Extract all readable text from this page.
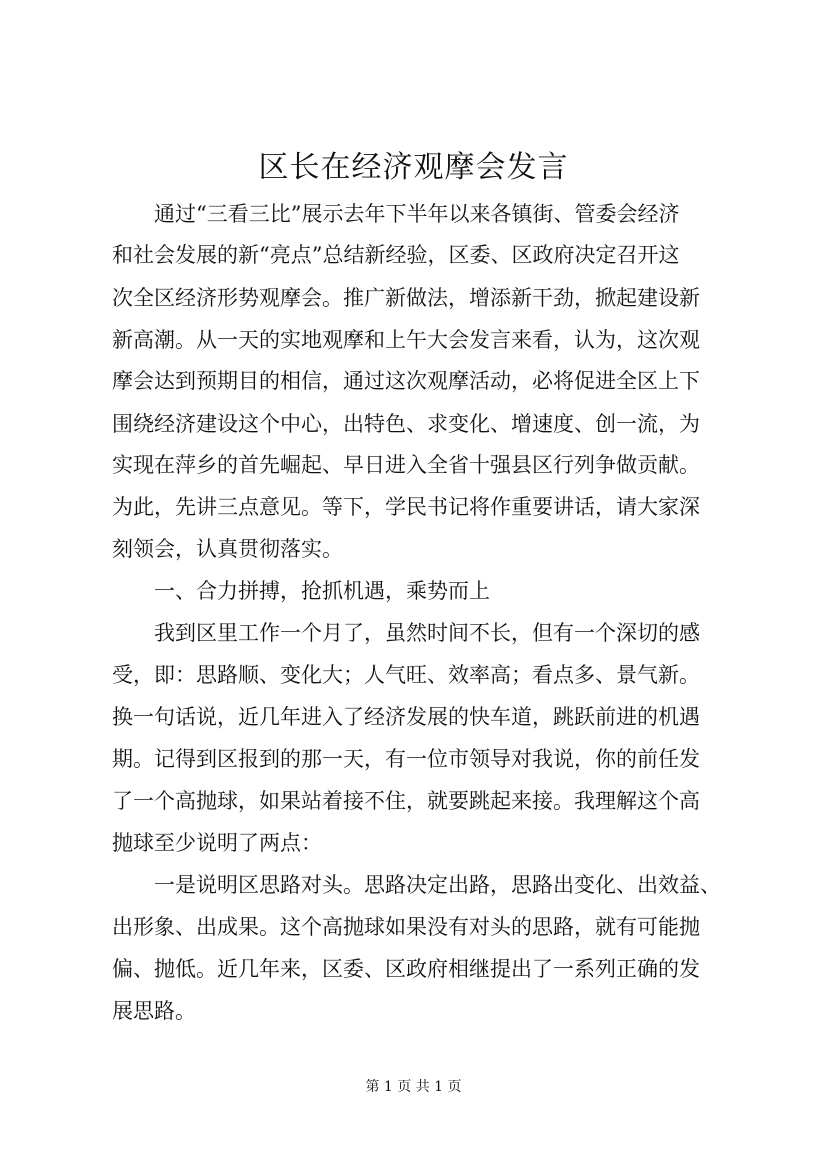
区长在经济观摩会发言

　　通过“三看三比”展示去年下半年以来各镇街、管委会经济

和社会发展的新“亮点”总结新经验，区委、区政府决定召开这

次全区经济形势观摩会。推广新做法，增添新干劲，掀起建设新

新高潮。从一天的实地观摩和上午大会发言来看，认为，这次观

摩会达到预期目的相信，通过这次观摩活动，必将促进全区上下

围绕经济建设这个中心，出特色、求变化、增速度、创一流，为

实现在萍乡的首先崛起、早日进入全省十强县区行列争做贡献。

为此，先讲三点意见。等下，学民书记将作重要讲话，请大家深

刻领会，认真贯彻落实。

　　一、合力拼搏，抢抓机遇，乘势而上

　　我到区里工作一个月了，虽然时间不长，但有一个深切的感

受，即：思路顺、变化大；人气旺、效率高；看点多、景气新。

换一句话说，近几年进入了经济发展的快车道，跳跃前进的机遇

期。记得到区报到的那一天，有一位市领导对我说，你的前任发

了一个高抛球，如果站着接不住，就要跳起来接。我理解这个高

抛球至少说明了两点：

　　一是说明区思路对头。思路决定出路，思路出变化、出效益、

出形象、出成果。这个高抛球如果没有对头的思路，就有可能抛

偏、抛低。近几年来，区委、区政府相继提出了一系列正确的发

展思路。

第 1 页 共 1 页
